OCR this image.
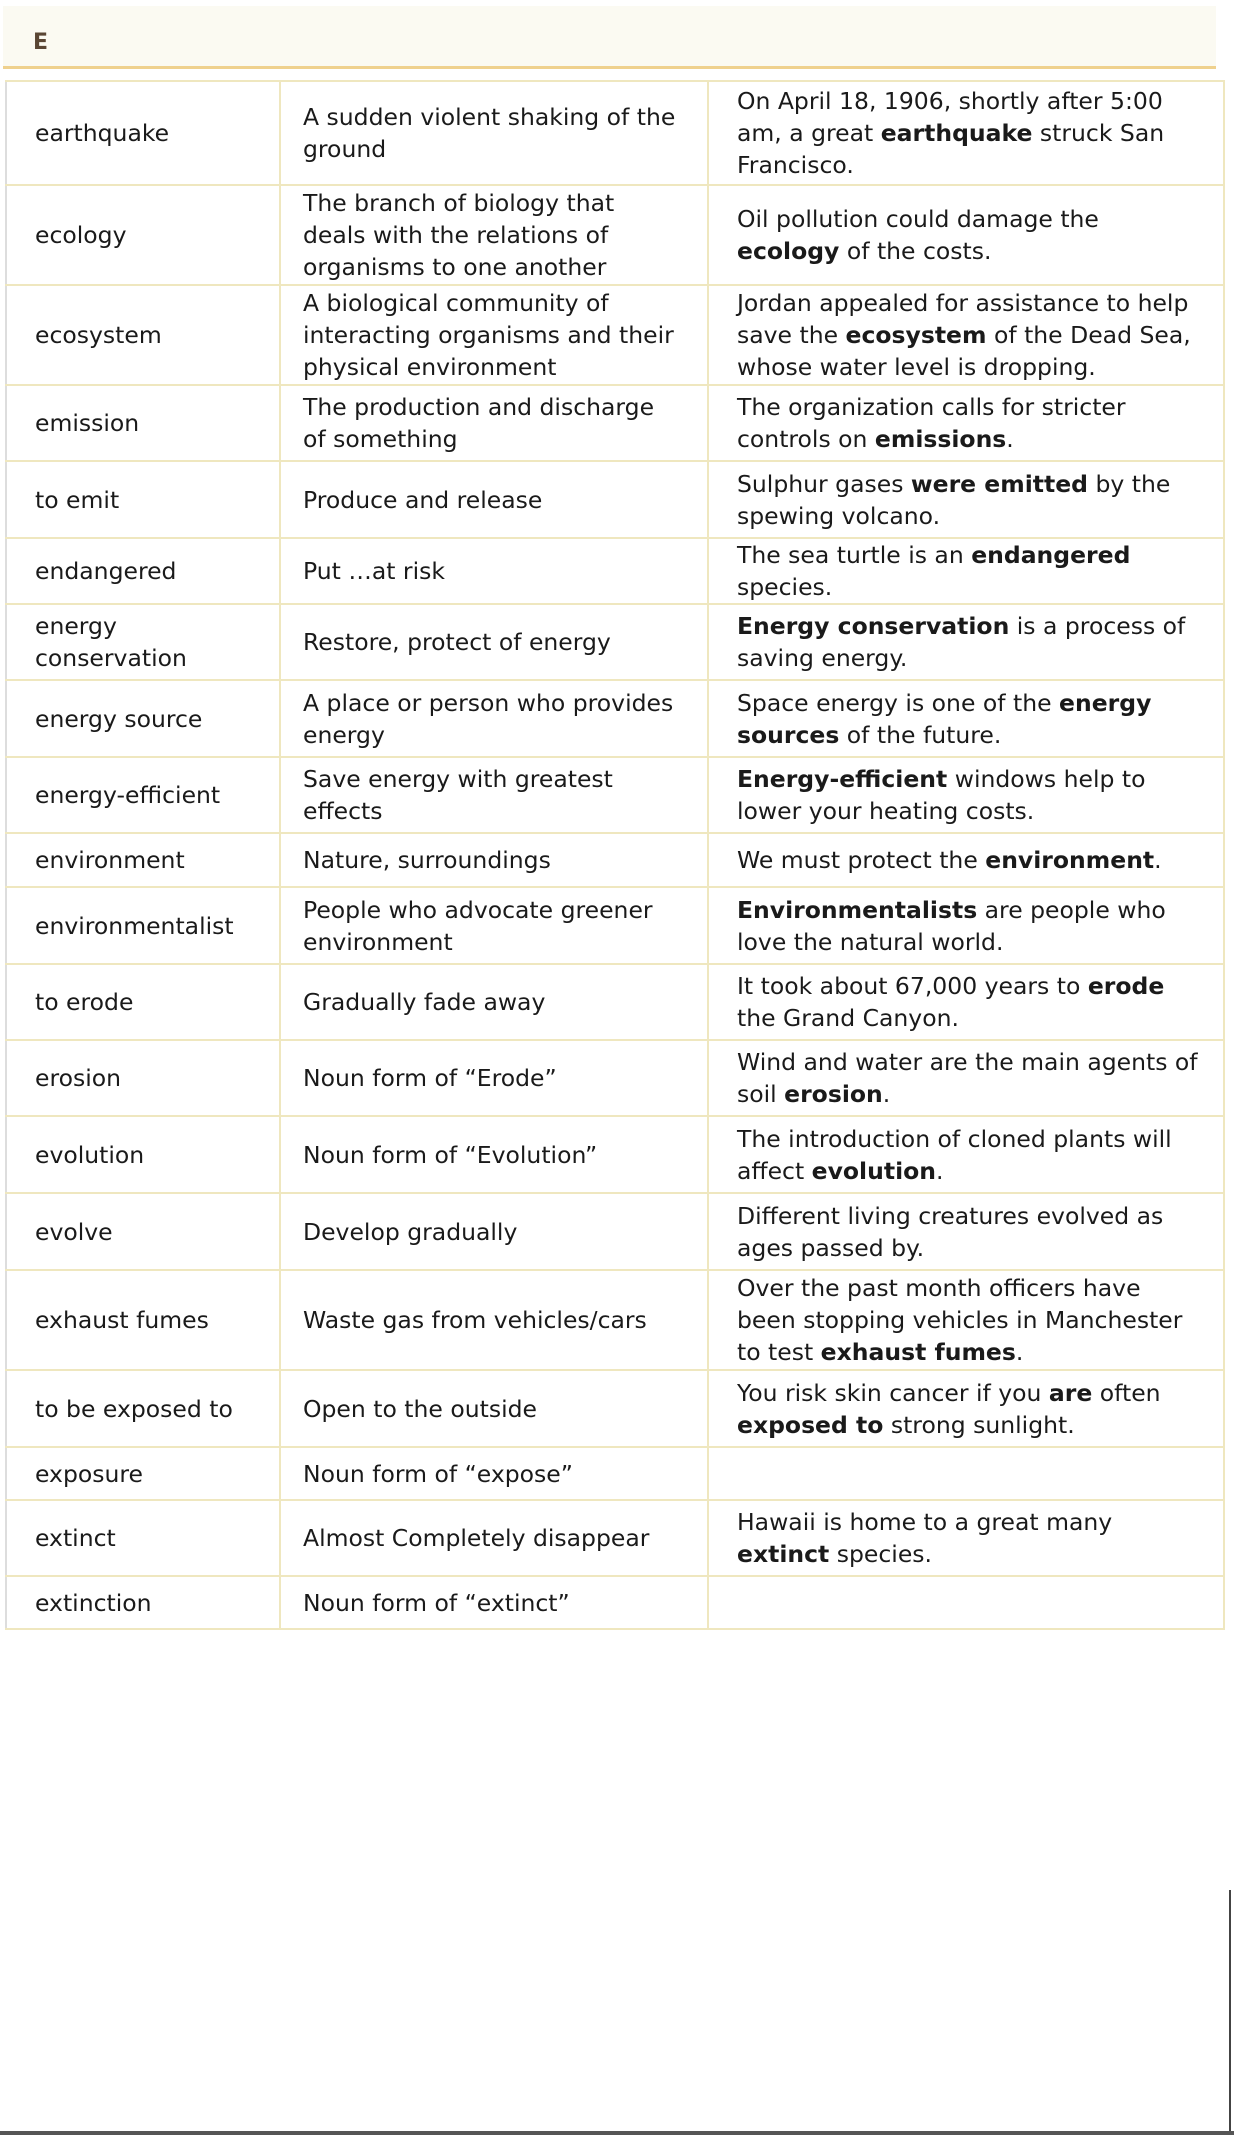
E
earthquake	A sudden violent shaking of the ground	On April 18, 1906, shortly after 5:00 am, a great earthquake struck San Francisco.
ecology	The branch of biology that deals with the relations of organisms to one another	Oil pollution could damage the ecology of the costs.
ecosystem	A biological community of interacting organisms and their physical environment	Jordan appealed for assistance to help save the ecosystem of the Dead Sea, whose water level is dropping.
emission	The production and discharge of something	The organization calls for stricter controls on emissions.
to emit	Produce and release	Sulphur gases were emitted by the spewing volcano.
endangered	Put …at risk	The sea turtle is an endangered species.
energy conservation	Restore, protect of energy	Energy conservation is a process of saving energy.
energy source	A place or person who provides energy	Space energy is one of the energy sources of the future.
energy-efficient	Save energy with greatest effects	Energy-efficient windows help to lower your heating costs.
environment	Nature, surroundings	We must protect the environment.
environmentalist	People who advocate greener environment	Environmentalists are people who love the natural world.
to erode	Gradually fade away	It took about 67,000 years to erode the Grand Canyon.
erosion	Noun form of “Erode”	Wind and water are the main agents of soil erosion.
evolution	Noun form of “Evolution”	The introduction of cloned plants will affect evolution.
evolve	Develop gradually	Different living creatures evolved as ages passed by.
exhaust fumes	Waste gas from vehicles/cars	Over the past month officers have been stopping vehicles in Manchester to test exhaust fumes.
to be exposed to	Open to the outside	You risk skin cancer if you are often exposed to strong sunlight.
exposure	Noun form of “expose”	
extinct	Almost Completely disappear	Hawaii is home to a great many extinct species.
extinction	Noun form of “extinct”	
